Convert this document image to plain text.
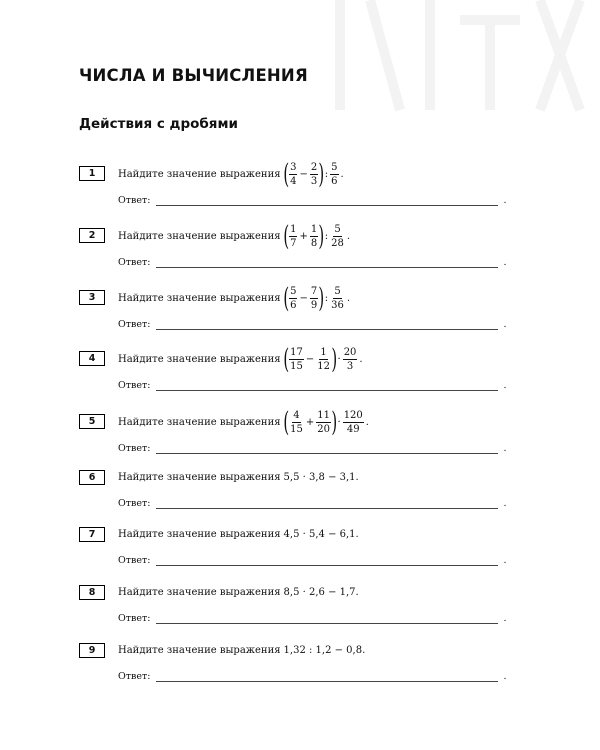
ЧИСЛА И ВЫЧИСЛЕНИЯ
Действия с дробями
1	Найдите значение выражения ( $\frac{3}{4} - \frac{2}{3}$ ) : $\frac{5}{6}$ .
Ответ:	.
2	Найдите значение выражения ( $\frac{1}{7} + \frac{1}{8}$ ) : $\frac{5}{28}$ .
Ответ:	.
3	Найдите значение выражения ( $\frac{5}{6} - \frac{7}{9}$ ) : $\frac{5}{36}$ .
Ответ:	.
4	Найдите значение выражения ( $\frac{17}{15} - \frac{1}{12}$ ) · $\frac{20}{3}$ .
Ответ:	.
5	Найдите значение выражения ( $\frac{4}{15} + \frac{11}{20}$ ) · $\frac{120}{49}$ .
Ответ:	.
6	Найдите значение выражения 5,5 · 3,8 − 3,1.
Ответ:	.
7	Найдите значение выражения 4,5 · 5,4 − 6,1.
Ответ:	.
8	Найдите значение выражения 8,5 · 2,6 − 1,7.
Ответ:	.
9	Найдите значение выражения 1,32 : 1,2 − 0,8.
Ответ:	.
